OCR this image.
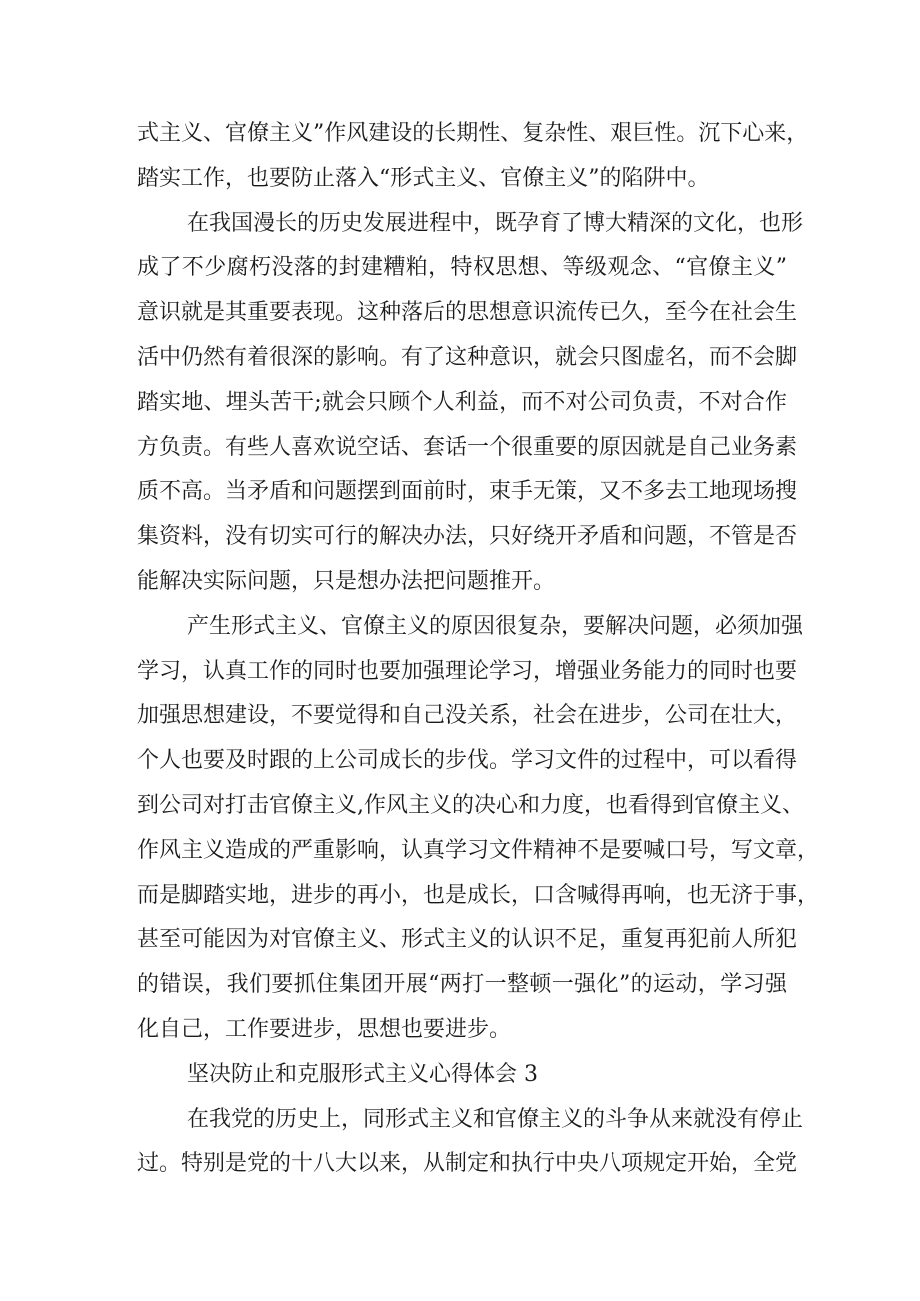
式主义、官僚主义”作风建设的长期性、复杂性、艰巨性。沉下心来，
踏实工作，也要防止落入“形式主义、官僚主义”的陷阱中。
在我国漫长的历史发展进程中，既孕育了博大精深的文化，也形
成了不少腐朽没落的封建糟粕，特权思想、等级观念、“官僚主义”
意识就是其重要表现。这种落后的思想意识流传已久，至今在社会生
活中仍然有着很深的影响。有了这种意识，就会只图虚名，而不会脚
踏实地、埋头苦干;就会只顾个人利益，而不对公司负责，不对合作
方负责。有些人喜欢说空话、套话一个很重要的原因就是自己业务素
质不高。当矛盾和问题摆到面前时，束手无策，又不多去工地现场搜
集资料，没有切实可行的解决办法，只好绕开矛盾和问题，不管是否
能解决实际问题，只是想办法把问题推开。
产生形式主义、官僚主义的原因很复杂，要解决问题，必须加强
学习，认真工作的同时也要加强理论学习，增强业务能力的同时也要
加强思想建设，不要觉得和自己没关系，社会在进步，公司在壮大，
个人也要及时跟的上公司成长的步伐。学习文件的过程中，可以看得
到公司对打击官僚主义,作风主义的决心和力度，也看得到官僚主义、
作风主义造成的严重影响，认真学习文件精神不是要喊口号，写文章，
而是脚踏实地，进步的再小，也是成长，口含喊得再响，也无济于事，
甚至可能因为对官僚主义、形式主义的认识不足，重复再犯前人所犯
的错误，我们要抓住集团开展“两打一整顿一强化”的运动，学习强
化自己，工作要进步，思想也要进步。
坚决防止和克服形式主义心得体会 3
在我党的历史上，同形式主义和官僚主义的斗争从来就没有停止
过。特别是党的十八大以来，从制定和执行中央八项规定开始，全党
